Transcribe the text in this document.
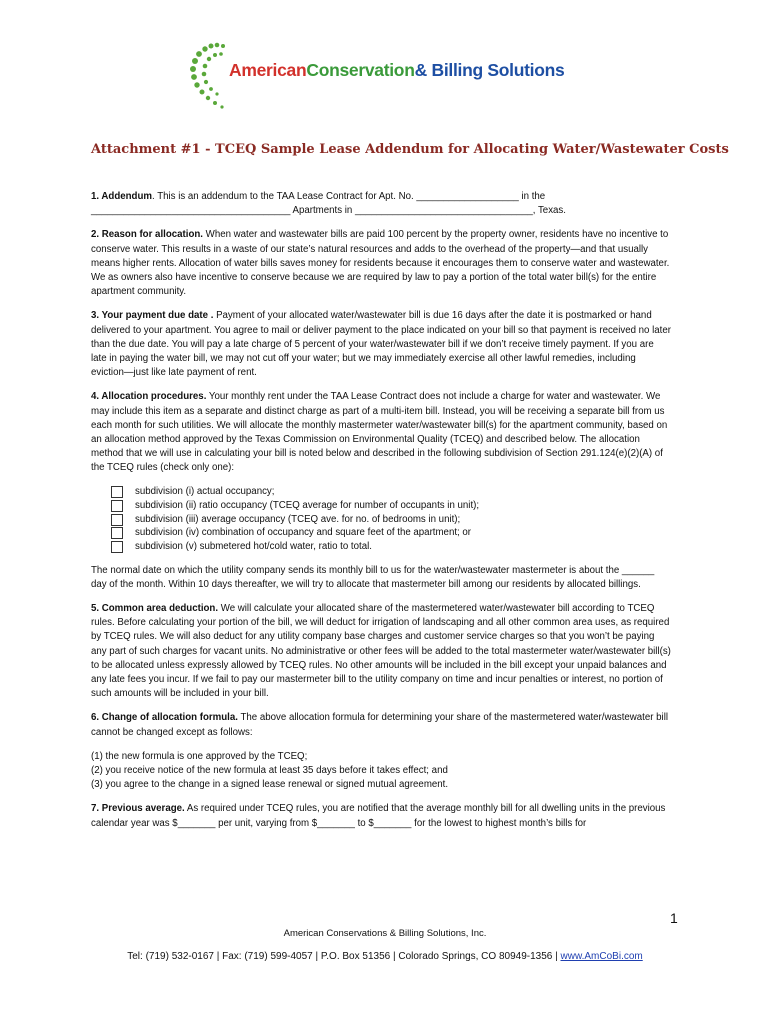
AmericanConservation& Billing Solutions
Attachment #1 - TCEQ Sample Lease Addendum for Allocating Water/Wastewater Costs

1. Addendum. This is an addendum to the TAA Lease Contract for Apt. No. ___________________ in the _____________________________________ Apartments in _________________________________, Texas.

2. Reason for allocation. When water and wastewater bills are paid 100 percent by the property owner, residents have no incentive to conserve water. This results in a waste of our state’s natural resources and adds to the overhead of the property—and that usually means higher rents. Allocation of water bills saves money for residents because it encourages them to conserve water and wastewater. We as owners also have incentive to conserve because we are required by law to pay a portion of the total water bill(s) for the entire apartment community.

3. Your payment due date . Payment of your allocated water/wastewater bill is due 16 days after the date it is postmarked or hand delivered to your apartment. You agree to mail or deliver payment to the place indicated on your bill so that payment is received no later than the due date. You will pay a late charge of 5 percent of your water/wastewater bill if we don’t receive timely payment. If you are late in paying the water bill, we may not cut off your water; but we may immediately exercise all other lawful remedies, including eviction—just like late payment of rent.

4. Allocation procedures. Your monthly rent under the TAA Lease Contract does not include a charge for water and wastewater. We may include this item as a separate and distinct charge as part of a multi-item bill. Instead, you will be receiving a separate bill from us each month for such utilities. We will allocate the monthly mastermeter water/wastewater bill(s) for the apartment community, based on an allocation method approved by the Texas Commission on Environmental Quality (TCEQ) and described below. The allocation method that we will use in calculating your bill is noted below and described in the following subdivision of Section 291.124(e)(2)(A) of the TCEQ rules (check only one):

subdivision (i) actual occupancy;
subdivision (ii) ratio occupancy (TCEQ average for number of occupants in unit);
subdivision (iii) average occupancy (TCEQ ave. for no. of bedrooms in unit);
subdivision (iv) combination of occupancy and square feet of the apartment; or
subdivision (v) submetered hot/cold water, ratio to total.

The normal date on which the utility company sends its monthly bill to us for the water/wastewater mastermeter is about the ______ day of the month. Within 10 days thereafter, we will try to allocate that mastermeter bill among our residents by allocated billings.

5. Common area deduction. We will calculate your allocated share of the mastermetered water/wastewater bill according to TCEQ rules. Before calculating your portion of the bill, we will deduct for irrigation of landscaping and all other common area uses, as required by TCEQ rules. We will also deduct for any utility company base charges and customer service charges so that you won’t be paying any part of such charges for vacant units. No administrative or other fees will be added to the total mastermeter water/wastewater bill(s) to be allocated unless expressly allowed by TCEQ rules. No other amounts will be included in the bill except your unpaid balances and any late fees you incur. If we fail to pay our mastermeter bill to the utility company on time and incur penalties or interest, no portion of such amounts will be included in your bill.

6. Change of allocation formula. The above allocation formula for determining your share of the mastermetered water/wastewater bill cannot be changed except as follows:

(1) the new formula is one approved by the TCEQ;
(2) you receive notice of the new formula at least 35 days before it takes effect; and
(3) you agree to the change in a signed lease renewal or signed mutual agreement.

7. Previous average. As required under TCEQ rules, you are notified that the average monthly bill for all dwelling units in the previous calendar year was $_______ per unit, varying from $_______ to $_______ for the lowest to highest month’s bills for

1
American Conservations & Billing Solutions, Inc.
Tel: (719) 532-0167 | Fax: (719) 599-4057 | P.O. Box 51356 | Colorado Springs, CO 80949-1356 | www.AmCoBi.com
